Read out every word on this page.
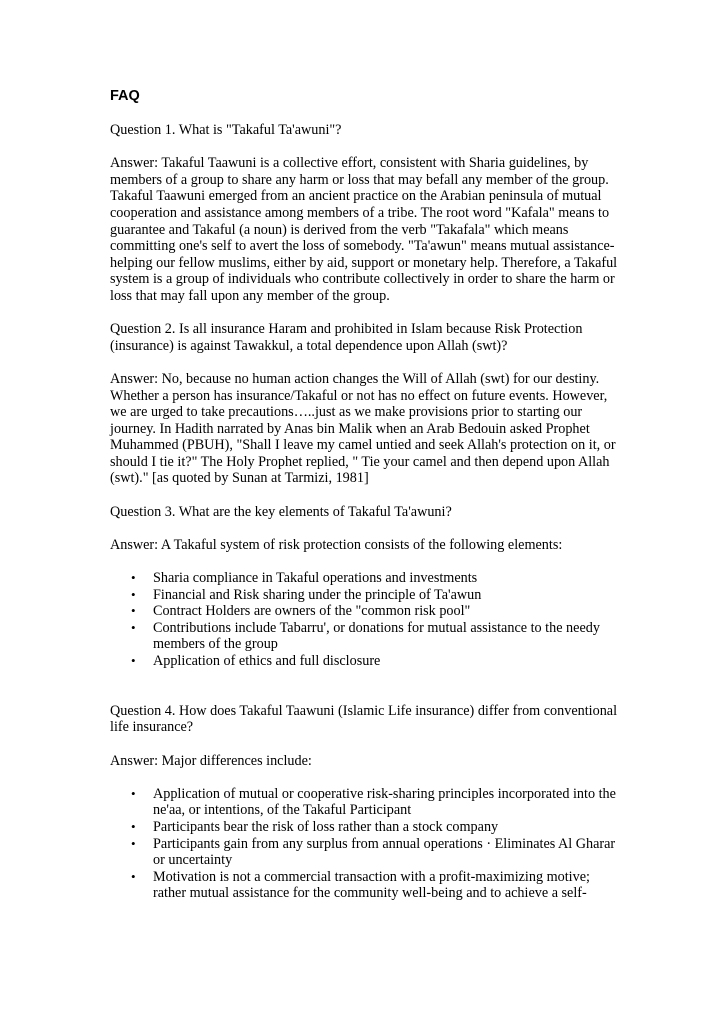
FAQ

Question 1. What is "Takaful Ta'awuni"?

Answer: Takaful Taawuni is a collective effort, consistent with Sharia guidelines, by members of a group to share any harm or loss that may befall any member of the group. Takaful Taawuni emerged from an ancient practice on the Arabian peninsula of mutual cooperation and assistance among members of a tribe. The root word "Kafala" means to guarantee and Takaful (a noun) is derived from the verb "Takafala" which means committing one's self to avert the loss of somebody. "Ta'awun" means mutual assistance-helping our fellow muslims, either by aid, support or monetary help. Therefore, a Takaful system is a group of individuals who contribute collectively in order to share the harm or loss that may fall upon any member of the group.

Question 2. Is all insurance Haram and prohibited in Islam because Risk Protection (insurance) is against Tawakkul, a total dependence upon Allah (swt)?

Answer: No, because no human action changes the Will of Allah (swt) for our destiny. Whether a person has insurance/Takaful or not has no effect on future events. However, we are urged to take precautions…..just as we make provisions prior to starting our journey. In Hadith narrated by Anas bin Malik when an Arab Bedouin asked Prophet Muhammed (PBUH), "Shall I leave my camel untied and seek Allah's protection on it, or should I tie it?" The Holy Prophet replied, " Tie your camel and then depend upon Allah (swt)." [as quoted by Sunan at Tarmizi, 1981]

Question 3. What are the key elements of Takaful Ta'awuni?

Answer: A Takaful system of risk protection consists of the following elements:

• Sharia compliance in Takaful operations and investments
• Financial and Risk sharing under the principle of Ta'awun
• Contract Holders are owners of the "common risk pool"
• Contributions include Tabarru', or donations for mutual assistance to the needy members of the group
• Application of ethics and full disclosure

Question 4. How does Takaful Taawuni (Islamic Life insurance) differ from conventional life insurance?

Answer: Major differences include:

• Application of mutual or cooperative risk-sharing principles incorporated into the ne'aa, or intentions, of the Takaful Participant
• Participants bear the risk of loss rather than a stock company
• Participants gain from any surplus from annual operations · Eliminates Al Gharar or uncertainty
• Motivation is not a commercial transaction with a profit-maximizing motive; rather mutual assistance for the community well-being and to achieve a self-
